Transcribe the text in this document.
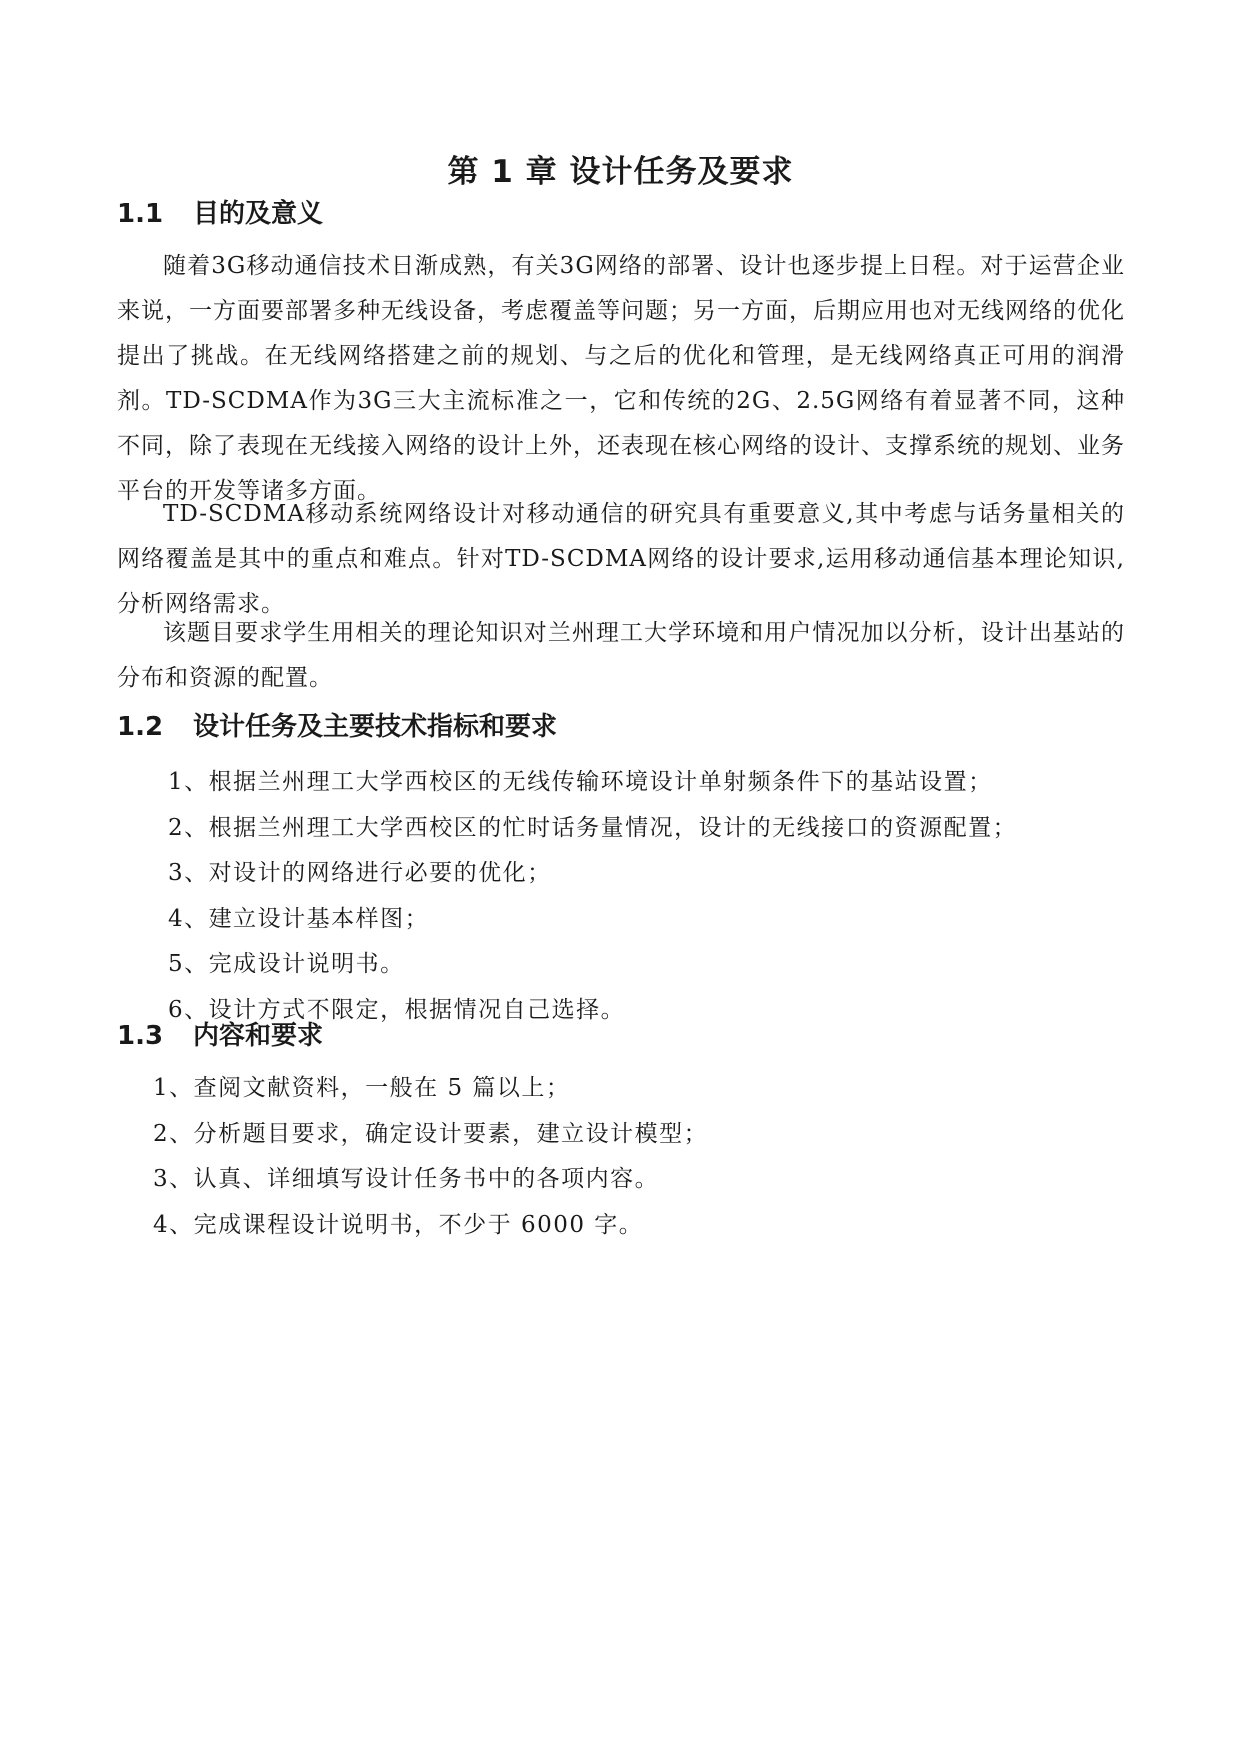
第 1 章 设计任务及要求
1.1 目的及意义
随着3G移动通信技术日渐成熟，有关3G网络的部署、设计也逐步提上日程。对于运营企业来说，一方面要部署多种无线设备，考虑覆盖等问题；另一方面，后期应用也对无线网络的优化提出了挑战。在无线网络搭建之前的规划、与之后的优化和管理，是无线网络真正可用的润滑剂。TD-SCDMA作为3G三大主流标准之一，它和传统的2G、2.5G网络有着显著不同，这种不同，除了表现在无线接入网络的设计上外，还表现在核心网络的设计、支撑系统的规划、业务平台的开发等诸多方面。
TD-SCDMA移动系统网络设计对移动通信的研究具有重要意义,其中考虑与话务量相关的网络覆盖是其中的重点和难点。针对TD-SCDMA网络的设计要求,运用移动通信基本理论知识,分析网络需求。
该题目要求学生用相关的理论知识对兰州理工大学环境和用户情况加以分析，设计出基站的分布和资源的配置。
1.2 设计任务及主要技术指标和要求
1、根据兰州理工大学西校区的无线传输环境设计单射频条件下的基站设置；
2、根据兰州理工大学西校区的忙时话务量情况，设计的无线接口的资源配置；
3、对设计的网络进行必要的优化；
4、建立设计基本样图；
5、完成设计说明书。
6、设计方式不限定，根据情况自己选择。
1.3 内容和要求
1、查阅文献资料，一般在 5 篇以上；
2、分析题目要求，确定设计要素，建立设计模型；
3、认真、详细填写设计任务书中的各项内容。
4、完成课程设计说明书，不少于 6000 字。
